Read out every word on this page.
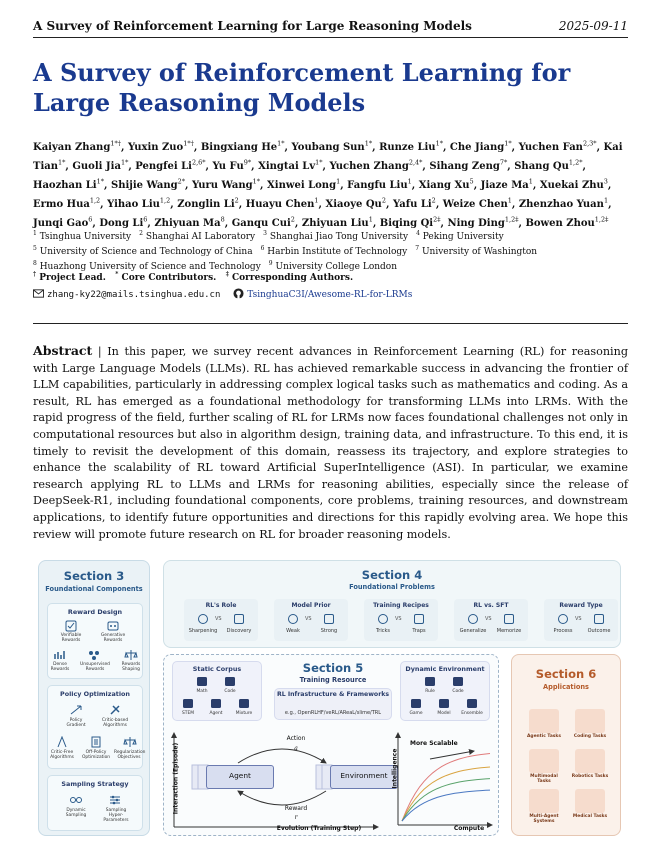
A Survey of Reinforcement Learning for Large Reasoning Models	2025-09-11
A Survey of Reinforcement Learning for Large Reasoning Models
Kaiyan Zhang$^{1*\dagger}$, Yuxin Zuo$^{1*\dagger}$, Bingxiang $He^{1*}$, Youbang Sun$^{1*}$, Runze Liu$^{1*}$, Che Jiang$^{1*}$, Yuchen Fan$^{2,3*}$, Kai Tian$^{1*}$, Guoli Jia$^{1*}$, Pengfei $Li^{2,6*}$, Yu $Fu^{9*}$, Xingtai $Lv^{1*}$, Yuchen Zhang$^{2,4*}$, Sihang Zeng$^{7*}$, Shang $Qu^{1,2*}$, Haozhan $Li^{1*}$, Shijie Wang$^{2*}$, Yuru Wang$^{1*}$, Xinwei Long$^1$, Fangfu Liu$^1$, Xiang Xu$^5$, Jiaze Ma$^1$, Xuekai Zhu$^3$, Ermo Hua$^{1,2}$, Yihao Liu$^{1,2}$, Zonglin Li$^2$, Huayu Chen$^1$, Xiaoye Qu$^2$, Yafu Li$^2$, Weize Chen$^1$, Zhenzhao Yuan$^1$, Junqi Gao$^6$, Dong Li$^6$, Zhiyuan Ma$^8$, Ganqu Cui$^2$, Zhiyuan Liu$^1$, Biqing $Qi^{2\ddagger}$, Ning Ding$^{1,2\ddagger}$, Bowen Zhou$^{1,2\ddagger}$
$^1$ Tsinghua University $^2$ Shanghai AI Laboratory $^3$ Shanghai Jiao Tong University $^4$ Peking University
$^5$ University of Science and Technology of China $^6$ Harbin Institute of Technology $^7$ University of Washington
$^8$ Huazhong University of Science and Technology $^9$ University College London
† Project Lead. * Core Contributors. ‡ Corresponding Authors.
zhang-ky22@mails.tsinghua.edu.cn	TsinghuaC3I/Awesome-RL-for-LRMs

Abstract | In this paper, we survey recent advances in Reinforcement Learning (RL) for reasoning with Large Language Models (LLMs). RL has achieved remarkable success in advancing the frontier of LLM capabilities, particularly in addressing complex logical tasks such as mathematics and coding. As a result, RL has emerged as a foundational methodology for transforming LLMs into LRMs. With the rapid progress of the field, further scaling of RL for LRMs now faces foundational challenges not only in computational resources but also in algorithm design, training data, and infrastructure. To this end, it is timely to revisit the development of this domain, reassess its trajectory, and explore strategies to enhance the scalability of RL toward Artificial SuperIntelligence (ASI). In particular, we examine research applying RL to LLMs and LRMs for reasoning abilities, especially since the release of DeepSeek-R1, including foundational components, core problems, training resources, and downstream applications, to identify future opportunities and directions for this rapidly evolving area. We hope this review will promote future research on RL for broader reasoning models.

Section 3
Foundational Components
Reward Design
Verifiable Rewards
Generative Rewards
Dense Rewards
Unsupervised Rewards
Rewards Shaping
Policy Optimization
Policy Gradient
Critic-based Algorithms
Critic-Free Algorithms
Off-Policy Optimization
Regularization Objectives
Sampling Strategy
Dynamic Sampling
Sampling Hyper-Parameters
Section 4
Foundational Problems
RL's Role
VS
Sharpening	Discovery
Model Prior
VS
Weak	Strong
Training Recipes
VS
Tricks	Traps
RL vs. SFT
VS
Generalize	Memorize
Reward Type
VS
Process	Outcome
Static Corpus
Math	Code
STEM	Agent	Mixture
Section 5
Training Resource
RL Infrastructure & Frameworks
e.g., OpenRLHF/veRL/AReaL/slime/TRL
Dynamic Environment
Rule	Code
Game	Model	Ensemble
Agent	Environment
Action
a
Reward
r
Interaction (Episode)
Evolution (Training Step)
Intelligence
Compute
More Scalable
Section 6
Applications
Agentic Tasks	Coding Tasks
Multimodal Tasks
Robotics Tasks
Multi-Agent Systems
Medical Tasks
